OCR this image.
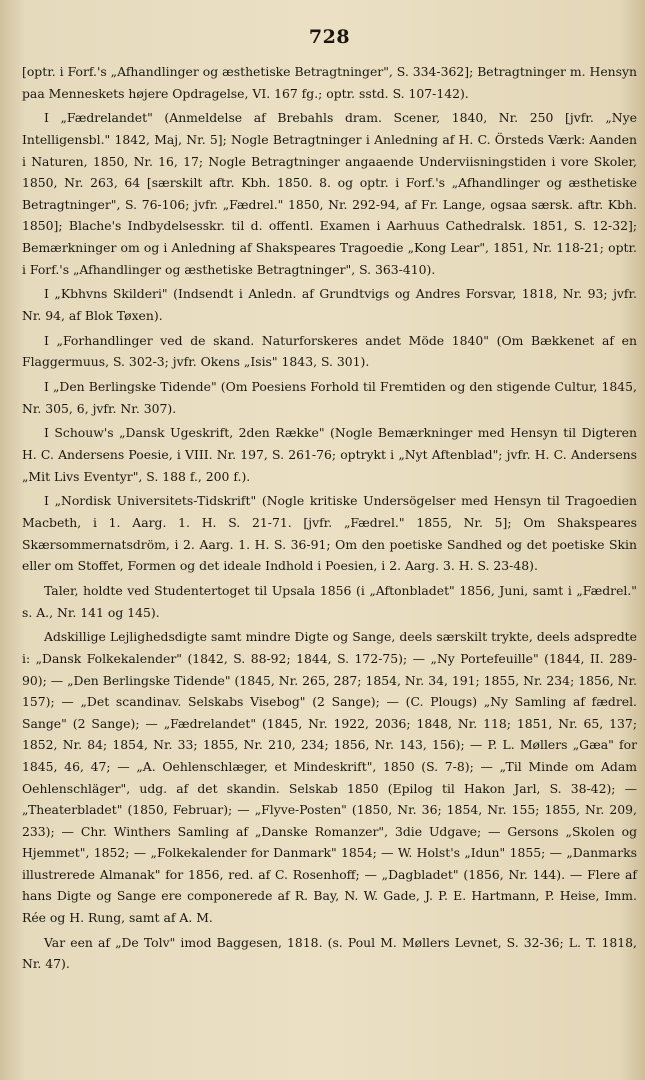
728

[optr. i Forf.'s „Afhandlinger og æsthetiske Betragtninger", S. 334-362]; Betragtninger m. Hensyn paa Menneskets højere Opdragelse, VI. 167 fg.; optr. sstd. S. 107-142).

I „Fædrelandet" (Anmeldelse af Brebahls dram. Scener, 1840, Nr. 250 [jvfr. „Nye Intelligensbl." 1842, Maj, Nr. 5]; Nogle Betragtninger i Anledning af H. C. Örsteds Værk: Aanden i Naturen, 1850, Nr. 16, 17; Nogle Betragtninger angaaende Underviisningstiden i vore Skoler, 1850, Nr. 263, 64 [særskilt aftr. Kbh. 1850. 8. og optr. i Forf.'s „Afhandlinger og æsthetiske Betragtninger", S. 76-106; jvfr. „Fædrel." 1850, Nr. 292-94, af Fr. Lange, ogsaa særsk. aftr. Kbh. 1850]; Blache's Indbydelsesskr. til d. offentl. Examen i Aarhuus Cathedralsk. 1851, S. 12-32]; Bemærkninger om og i Anledning af Shakspeares Tragoedie „Kong Lear", 1851, Nr. 118-21; optr. i Forf.'s „Afhandlinger og æsthetiske Betragtninger", S. 363-410).

I „Kbhvns Skilderi" (Indsendt i Anledn. af Grundtvigs og Andres Forsvar, 1818, Nr. 93; jvfr. Nr. 94, af Blok Tøxen).

I „Forhandlinger ved de skand. Naturforskeres andet Möde 1840" (Om Bækkenet af en Flaggermuus, S. 302-3; jvfr. Okens „Isis" 1843, S. 301).

I „Den Berlingske Tidende" (Om Poesiens Forhold til Fremtiden og den stigende Cultur, 1845, Nr. 305, 6, jvfr. Nr. 307).

I Schouw's „Dansk Ugeskrift, 2den Række" (Nogle Bemærkninger med Hensyn til Digteren H. C. Andersens Poesie, i VIII. Nr. 197, S. 261-76; optrykt i „Nyt Aftenblad"; jvfr. H. C. Andersens „Mit Livs Eventyr", S. 188 f., 200 f.).

I „Nordisk Universitets-Tidskrift" (Nogle kritiske Undersögelser med Hensyn til Tragoedien Macbeth, i 1. Aarg. 1. H. S. 21-71. [jvfr. „Fædrel." 1855, Nr. 5]; Om Shakspeares Skærsommernatsdröm, i 2. Aarg. 1. H. S. 36-91; Om den poetiske Sandhed og det poetiske Skin eller om Stoffet, Formen og det ideale Indhold i Poesien, i 2. Aarg. 3. H. S. 23-48).

Taler, holdte ved Studentertoget til Upsala 1856 (i „Aftonbladet" 1856, Juni, samt i „Fædrel." s. A., Nr. 141 og 145).

Adskillige Lejlighedsdigte samt mindre Digte og Sange, deels særskilt trykte, deels adspredte i: „Dansk Folkekalender" (1842, S. 88-92; 1844, S. 172-75); — „Ny Portefeuille" (1844, II. 289-90); — „Den Berlingske Tidende" (1845, Nr. 265, 287; 1854, Nr. 34, 191; 1855, Nr. 234; 1856, Nr. 157); — „Det scandinav. Selskabs Visebog" (2 Sange); — (C. Plougs) „Ny Samling af fædrel. Sange" (2 Sange); — „Fædrelandet" (1845, Nr. 1922, 2036; 1848, Nr. 118; 1851, Nr. 65, 137; 1852, Nr. 84; 1854, Nr. 33; 1855, Nr. 210, 234; 1856, Nr. 143, 156); — P. L. Møllers „Gæa" for 1845, 46, 47; — „A. Oehlenschlæger, et Mindeskrift", 1850 (S. 7-8); — „Til Minde om Adam Oehlenschläger", udg. af det skandin. Selskab 1850 (Epilog til Hakon Jarl, S. 38-42); — „Theaterbladet" (1850, Februar); — „Flyve-Posten" (1850, Nr. 36; 1854, Nr. 155; 1855, Nr. 209, 233); — Chr. Winthers Samling af „Danske Romanzer", 3die Udgave; — Gersons „Skolen og Hjemmet", 1852; — „Folkekalender for Danmark" 1854; — W. Holst's „Idun" 1855; — „Danmarks illustrerede Almanak" for 1856, red. af C. Rosenhoff; — „Dagbladet" (1856, Nr. 144). — Flere af hans Digte og Sange ere componerede af R. Bay, N. W. Gade, J. P. E. Hartmann, P. Heise, Imm. Rée og H. Rung, samt af A. M.

Var een af „De Tolv" imod Baggesen, 1818. (s. Poul M. Møllers Levnet, S. 32-36; L. T. 1818, Nr. 47).
